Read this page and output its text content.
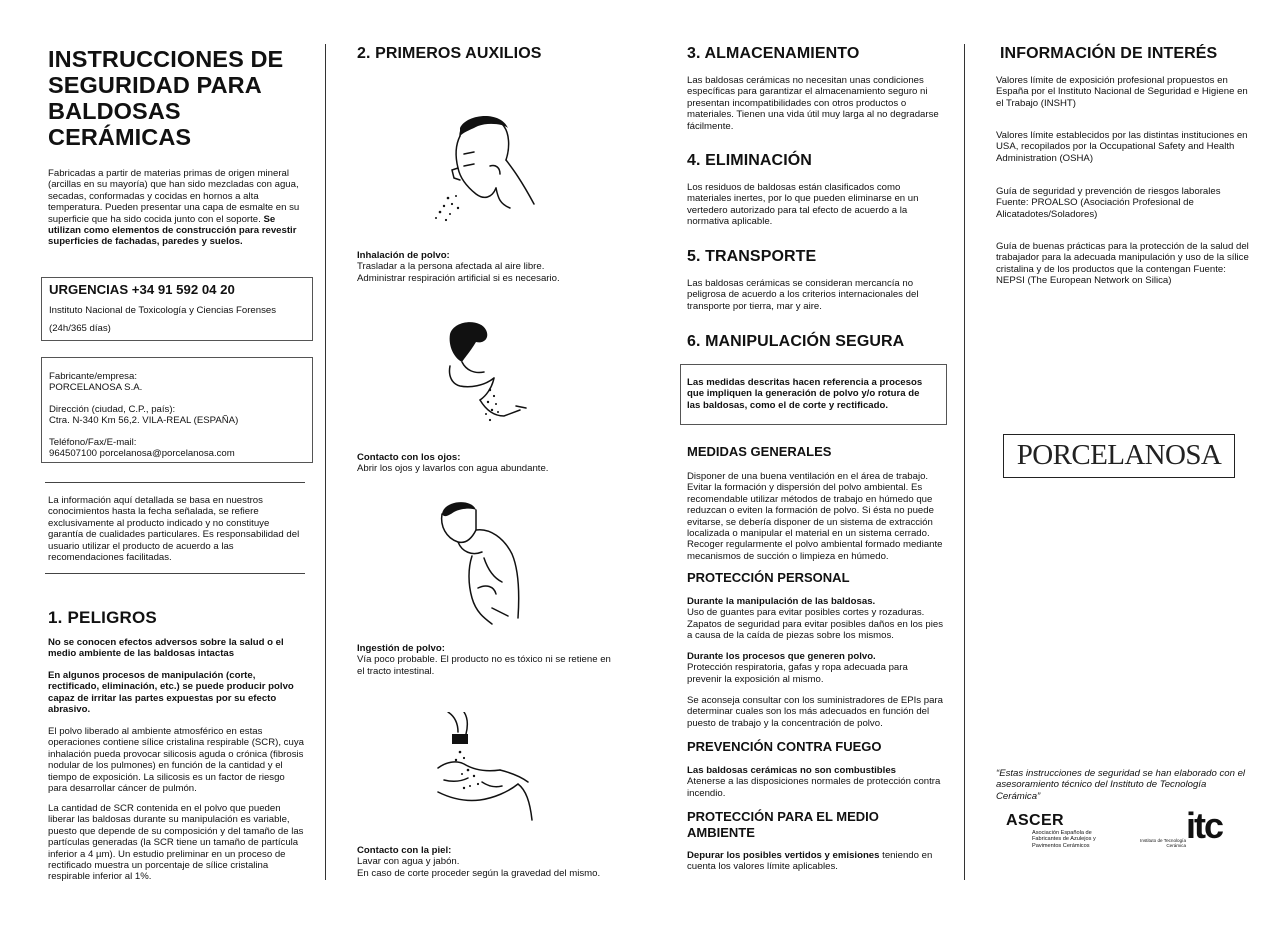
INSTRUCCIONES DE
SEGURIDAD PARA
BALDOSAS
CERÁMICAS

Fabricadas a partir de materias primas de origen mineral (arcillas en su mayoría) que han sido mezcladas con agua, secadas, conformadas y cocidas en hornos a alta temperatura. Pueden presentar una capa de esmalte en su superficie que ha sido cocida junto con el soporte. Se utilizan como elementos de construcción para revestir superficies de fachadas, paredes y suelos.

URGENCIAS +34 91 592 04 20
Instituto Nacional de Toxicología y Ciencias Forenses
(24h/365 días)
Fabricante/empresa:
PORCELANOSA S.A.
Dirección (ciudad, C.P., país):
Ctra. N-340 Km 56,2. VILA-REAL (ESPAÑA)
Teléfono/Fax/E-mail:
964507100 porcelanosa@porcelanosa.com

La información aquí detallada se basa en nuestros conocimientos hasta la fecha señalada, se refiere exclusivamente al producto indicado y no constituye garantía de cualidades particulares. Es responsabilidad del usuario utilizar el producto de acuerdo a las recomendaciones facilitadas.

1. PELIGROS

No se conocen efectos adversos sobre la salud o el medio ambiente de las baldosas intactas

En algunos procesos de manipulación (corte, rectificado, eliminación, etc.) se puede producir polvo capaz de irritar las partes expuestas por su efecto abrasivo.

El polvo liberado al ambiente atmosférico en estas operaciones contiene sílice cristalina respirable (SCR), cuya inhalación pueda provocar silicosis aguda o crónica (fibrosis nodular de los pulmones) en función de la cantidad y el tiempo de exposición. La silicosis es un factor de riesgo para desarrollar cáncer de pulmón.

La cantidad de SCR contenida en el polvo que pueden liberar las baldosas durante su manipulación es variable, puesto que depende de su composición y del tamaño de las partículas generadas (la SCR tiene un tamaño de partícula inferior a 4 µm). Un estudio preliminar en un proceso de rectificado muestra un porcentaje de sílice cristalina respirable inferior al 1%.

2. PRIMEROS AUXILIOS

Inhalación de polvo:
Trasladar a la persona afectada al aire libre.
Administrar respiración artificial si es necesario.

Contacto con los ojos:
Abrir los ojos y lavarlos con agua abundante.

Ingestión de polvo:
Vía poco probable. El producto no es tóxico ni se retiene en el tracto intestinal.

Contacto con la piel:
Lavar con agua y jabón.
En caso de corte proceder según la gravedad del mismo.

3. ALMACENAMIENTO

Las baldosas cerámicas no necesitan unas condiciones específicas para garantizar el almacenamiento seguro ni presentan incompatibilidades con otros productos o materiales. Tienen una vida útil muy larga al no degradarse fácilmente.

4. ELIMINACIÓN

Los residuos de baldosas están clasificados como materiales inertes, por lo que pueden eliminarse en un vertedero autorizado para tal efecto de acuerdo a la normativa aplicable.

5. TRANSPORTE

Las baldosas cerámicas se consideran mercancía no peligrosa de acuerdo a los criterios internacionales del transporte por tierra, mar y aire.

6. MANIPULACIÓN SEGURA

Las medidas descritas hacen referencia a procesos que impliquen la generación de polvo y/o rotura de las baldosas, como el de corte y rectificado.

MEDIDAS GENERALES

Disponer de una buena ventilación en el área de trabajo. Evitar la formación y dispersión del polvo ambiental. Es recomendable utilizar métodos de trabajo en húmedo que reduzcan o eviten la formación de polvo. Si ésta no puede evitarse, se debería disponer de un sistema de extracción localizada o manipular el material en un sistema cerrado. Recoger regularmente el polvo ambiental formado mediante mecanismos de succión o limpieza en húmedo.

PROTECCIÓN PERSONAL

Durante la manipulación de las baldosas.
Uso de guantes para evitar posibles cortes y rozaduras. Zapatos de seguridad para evitar posibles daños en los pies a causa de la caída de piezas sobre los mismos.

Durante los procesos que generen polvo.
Protección respiratoria, gafas y ropa adecuada para prevenir la exposición al mismo.

Se aconseja consultar con los suministradores de EPIs para determinar cuales son los más adecuados en función del puesto de trabajo y la concentración de polvo.

PREVENCIÓN CONTRA FUEGO

Las baldosas cerámicas no son combustibles
Atenerse a las disposiciones normales de protección contra incendio.

PROTECCIÓN PARA EL MEDIO AMBIENTE

Depurar los posibles vertidos y emisiones teniendo en cuenta los valores límite aplicables.

INFORMACIÓN DE INTERÉS

Valores límite de exposición profesional propuestos en España por el Instituto Nacional de Seguridad e Higiene en el Trabajo (INSHT)

Valores límite establecidos por las distintas instituciones en USA, recopilados por la Occupational Safety and Health Administration (OSHA)

Guía de seguridad y prevención de riesgos laborales
Fuente: PROALSO (Asociación Profesional de Alicatadotes/Soladores)

Guía de buenas prácticas para la protección de la salud del trabajador para la adecuada manipulación y uso de la sílice cristalina y de los productos que la contengan Fuente: NEPSI (The European Network on Silica)

PORCELANOSA

“Estas instrucciones de seguridad se han elaborado con el asesoramiento técnico del Instituto de Tecnología Cerámica”

ASCER
Asociación Española de Fabricantes de Azulejos y Pavimentos Cerámicos
Instituto de Tecnología Cerámica itc
